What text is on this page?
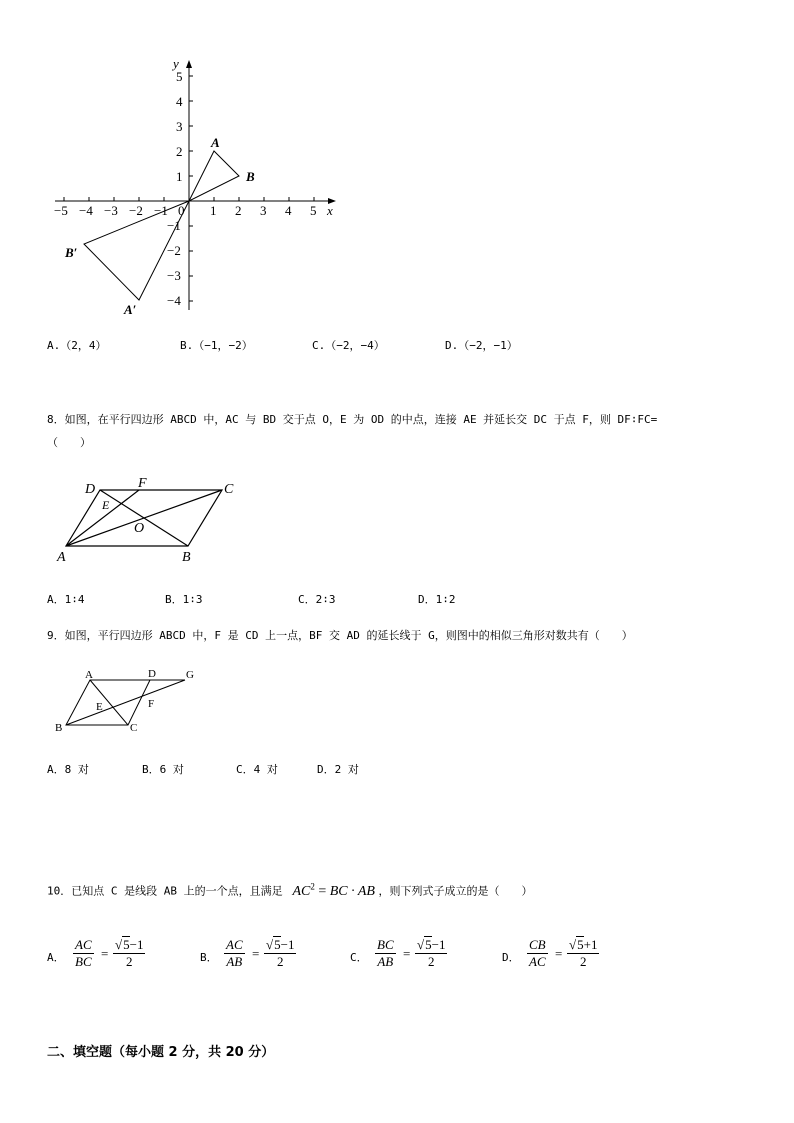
−5 −4 −3 −2 −1 0 1 2 3 4 5 x
y
5
4
3
2
1
−1
−2
−3
−4
A
B
B′
A′
A.（2，4）	B.（−1，−2）	C.（−2，−4）	D.（−2，−1）
8．如图，在平行四边形 ABCD 中，AC 与 BD 交于点 O，E 为 OD 的中点，连接 AE 并延长交 DC 于点 F，则 DF∶FC=
（　　）
D	F	C
E
O
A	B
A．1∶4	B．1∶3	C．2∶3	D．1∶2
9．如图，平行四边形 ABCD 中，F 是 CD 上一点，BF 交 AD 的延长线于 G，则图中的相似三角形对数共有（　　）
A	D	G
E	F
B	C
A．8 对	B．6 对	C．4 对	D．2 对
10．已知点 C 是线段 AB 上的一个点，且满足 $AC^2$ = BC · AB ，则下列式子成立的是（　　）
A． $\frac{AC}{BC} = \frac{√5-1}{2}$	B． $\frac{AC}{AB} = \frac{√5-1}{2}$	C． $\frac{BC}{AB} = \frac{√5-1}{2}$	D． $\frac{CB}{AC} = \frac{√5+1}{2}$
二、填空题（每小题 2 分，共 20 分）
